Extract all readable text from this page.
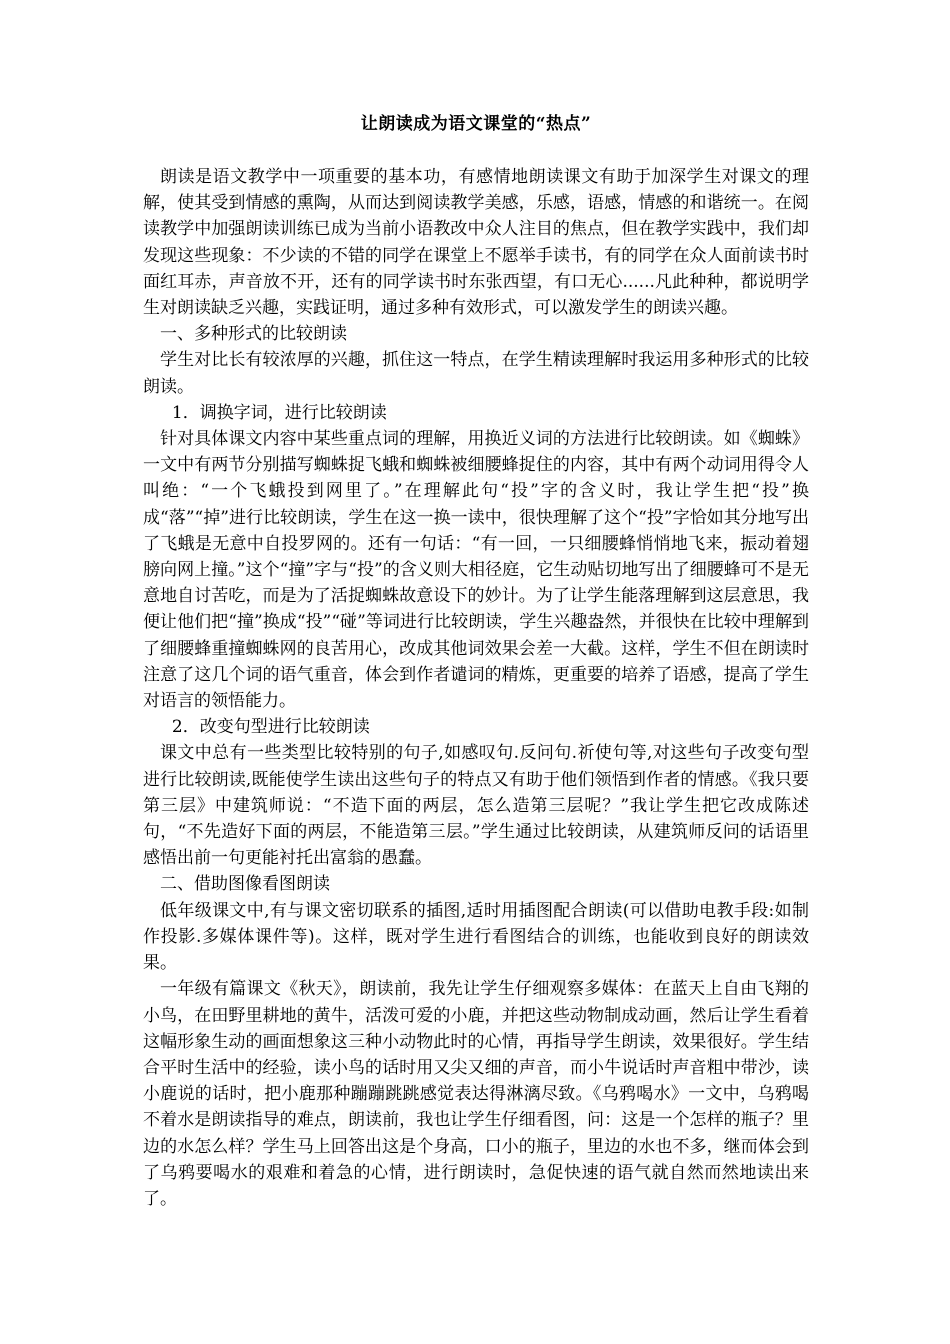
让朗读成为语文课堂的“热点”

朗读是语文教学中一项重要的基本功，有感情地朗读课文有助于加深学生对课文的理解，使其受到情感的熏陶，从而达到阅读教学美感，乐感，语感，情感的和谐统一。在阅读教学中加强朗读训练已成为当前小语教改中众人注目的焦点，但在教学实践中，我们却发现这些现象：不少读的不错的同学在课堂上不愿举手读书，有的同学在众人面前读书时面红耳赤，声音放不开，还有的同学读书时东张西望，有口无心......凡此种种，都说明学生对朗读缺乏兴趣，实践证明，通过多种有效形式，可以激发学生的朗读兴趣。

一、多种形式的比较朗读

学生对比长有较浓厚的兴趣，抓住这一特点，在学生精读理解时我运用多种形式的比较朗读。

1．调换字词，进行比较朗读

针对具体课文内容中某些重点词的理解，用换近义词的方法进行比较朗读。如《蜘蛛》一文中有两节分别描写蜘蛛捉飞蛾和蜘蛛被细腰蜂捉住的内容，其中有两个动词用得令人叫绝：“一个飞蛾投到网里了。”在理解此句“投”字的含义时，我让学生把“投”换成“落”“掉”进行比较朗读，学生在这一换一读中，很快理解了这个“投”字恰如其分地写出了飞蛾是无意中自投罗网的。还有一句话：“有一回，一只细腰蜂悄悄地飞来，振动着翅膀向网上撞。”这个“撞”字与“投”的含义则大相径庭，它生动贴切地写出了细腰蜂可不是无意地自讨苦吃，而是为了活捉蜘蛛故意设下的妙计。为了让学生能落理解到这层意思，我便让他们把“撞”换成“投”“碰”等词进行比较朗读，学生兴趣盎然，并很快在比较中理解到了细腰蜂重撞蜘蛛网的良苦用心，改成其他词效果会差一大截。这样，学生不但在朗读时注意了这几个词的语气重音，体会到作者谴词的精炼，更重要的培养了语感，提高了学生对语言的领悟能力。

2．改变句型进行比较朗读

课文中总有一些类型比较特别的句子,如感叹句.反问句.祈使句等,对这些句子改变句型进行比较朗读,既能使学生读出这些句子的特点又有助于他们领悟到作者的情感。《我只要第三层》中建筑师说：“不造下面的两层，怎么造第三层呢？”我让学生把它改成陈述句，“不先造好下面的两层，不能造第三层。”学生通过比较朗读，从建筑师反问的话语里感悟出前一句更能衬托出富翁的愚蠢。

二、借助图像看图朗读

低年级课文中,有与课文密切联系的插图,适时用插图配合朗读(可以借助电教手段:如制作投影.多媒体课件等)。这样，既对学生进行看图结合的训练，也能收到良好的朗读效果。

一年级有篇课文《秋天》，朗读前，我先让学生仔细观察多媒体：在蓝天上自由飞翔的小鸟，在田野里耕地的黄牛，活泼可爱的小鹿，并把这些动物制成动画，然后让学生看着这幅形象生动的画面想象这三种小动物此时的心情，再指导学生朗读，效果很好。学生结合平时生活中的经验，读小鸟的话时用又尖又细的声音，而小牛说话时声音粗中带沙，读小鹿说的话时，把小鹿那种蹦蹦跳跳感觉表达得淋漓尽致。《乌鸦喝水》一文中，乌鸦喝不着水是朗读指导的难点，朗读前，我也让学生仔细看图，问：这是一个怎样的瓶子？里边的水怎么样？学生马上回答出这是个身高，口小的瓶子，里边的水也不多，继而体会到了乌鸦要喝水的艰难和着急的心情，进行朗读时，急促快速的语气就自然而然地读出来了。
